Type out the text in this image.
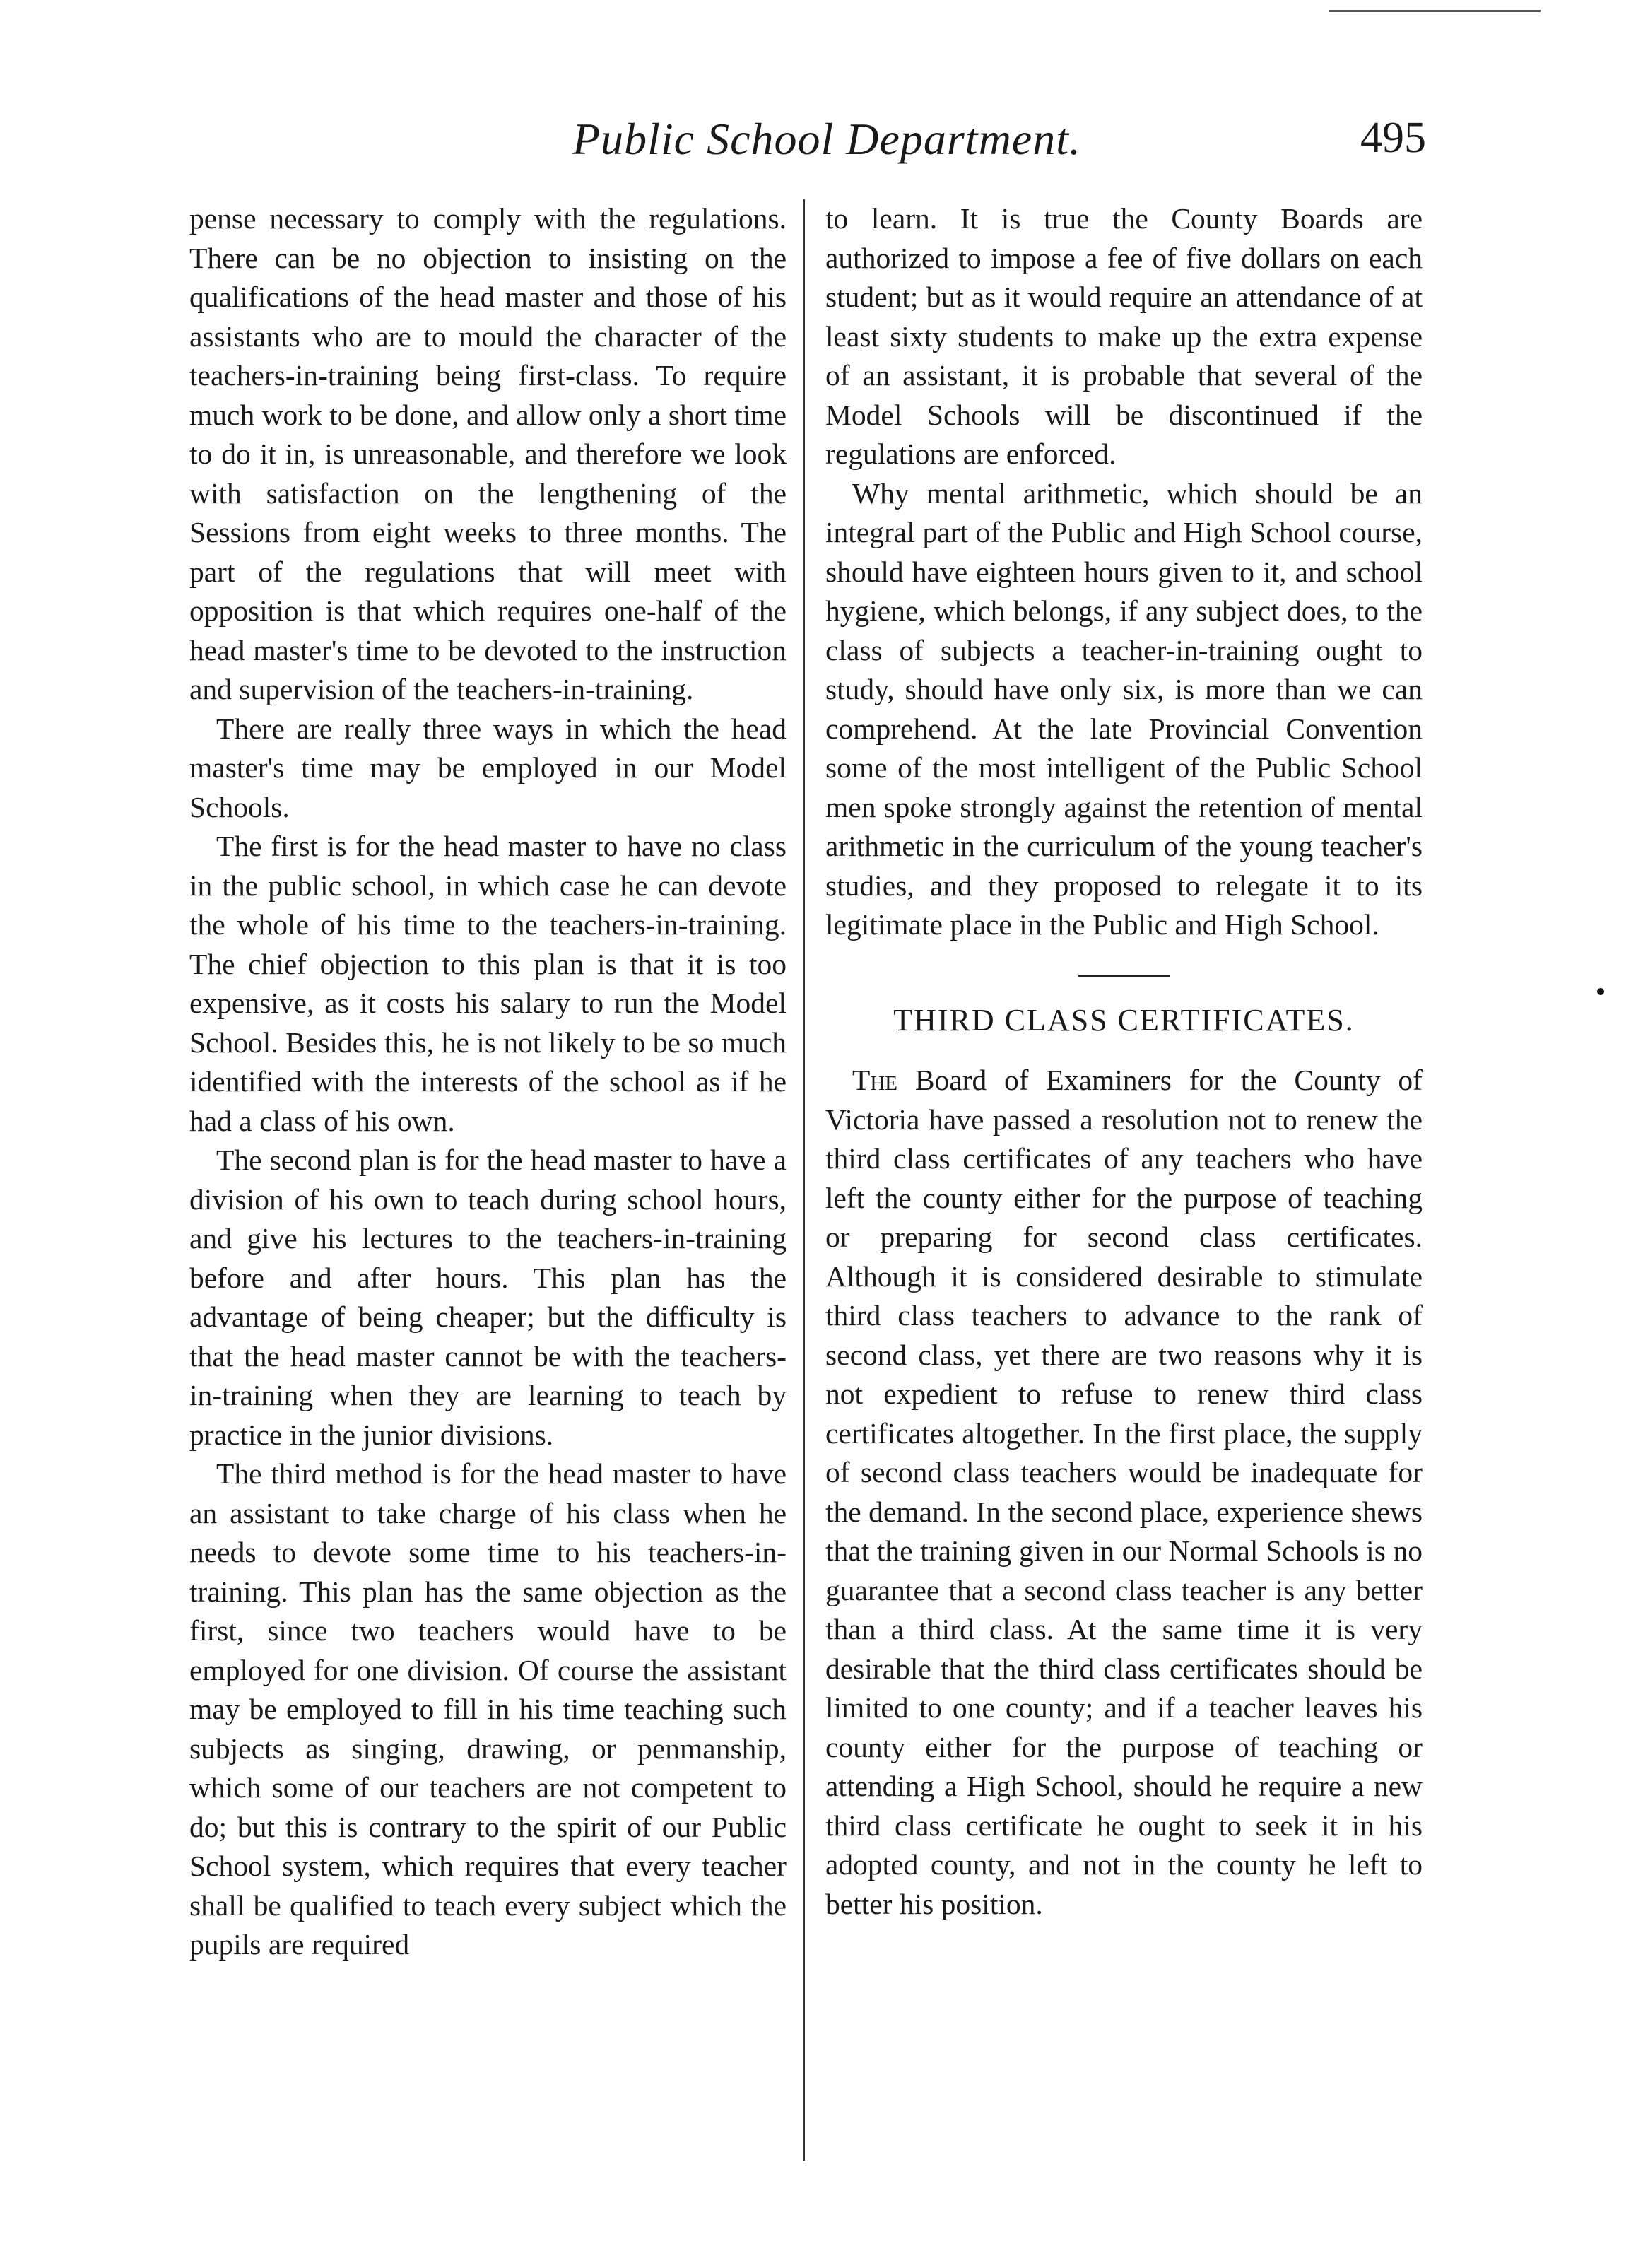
Public School Department.	495

pense necessary to comply with the regulations. There can be no objection to insisting on the qualifications of the head master and those of his assistants who are to mould the character of the teachers-in-training being first-class. To require much work to be done, and allow only a short time to do it in, is unreasonable, and therefore we look with satisfaction on the lengthening of the Sessions from eight weeks to three months. The part of the regulations that will meet with opposition is that which requires one-half of the head master's time to be devoted to the instruction and supervision of the teachers-in-training.

There are really three ways in which the head master's time may be employed in our Model Schools.

The first is for the head master to have no class in the public school, in which case he can devote the whole of his time to the teachers-in-training. The chief objection to this plan is that it is too expensive, as it costs his salary to run the Model School. Besides this, he is not likely to be so much identified with the interests of the school as if he had a class of his own.

The second plan is for the head master to have a division of his own to teach during school hours, and give his lectures to the teachers-in-training before and after hours. This plan has the advantage of being cheaper; but the difficulty is that the head master cannot be with the teachers-in-training when they are learning to teach by practice in the junior divisions.

The third method is for the head master to have an assistant to take charge of his class when he needs to devote some time to his teachers-in-training. This plan has the same objection as the first, since two teachers would have to be employed for one division. Of course the assistant may be employed to fill in his time teaching such subjects as singing, drawing, or penmanship, which some of our teachers are not competent to do; but this is contrary to the spirit of our Public School system, which requires that every teacher shall be qualified to teach every subject which the pupils are required

to learn. It is true the County Boards are authorized to impose a fee of five dollars on each student; but as it would require an attendance of at least sixty students to make up the extra expense of an assistant, it is probable that several of the Model Schools will be discontinued if the regulations are enforced.

Why mental arithmetic, which should be an integral part of the Public and High School course, should have eighteen hours given to it, and school hygiene, which belongs, if any subject does, to the class of subjects a teacher-in-training ought to study, should have only six, is more than we can comprehend. At the late Provincial Convention some of the most intelligent of the Public School men spoke strongly against the retention of mental arithmetic in the curriculum of the young teacher's studies, and they proposed to relegate it to its legitimate place in the Public and High School.

THIRD CLASS CERTIFICATES.

The Board of Examiners for the County of Victoria have passed a resolution not to renew the third class certificates of any teachers who have left the county either for the purpose of teaching or preparing for second class certificates. Although it is considered desirable to stimulate third class teachers to advance to the rank of second class, yet there are two reasons why it is not expedient to refuse to renew third class certificates altogether. In the first place, the supply of second class teachers would be inadequate for the demand. In the second place, experience shews that the training given in our Normal Schools is no guarantee that a second class teacher is any better than a third class. At the same time it is very desirable that the third class certificates should be limited to one county; and if a teacher leaves his county either for the purpose of teaching or attending a High School, should he require a new third class certificate he ought to seek it in his adopted county, and not in the county he left to better his position.
